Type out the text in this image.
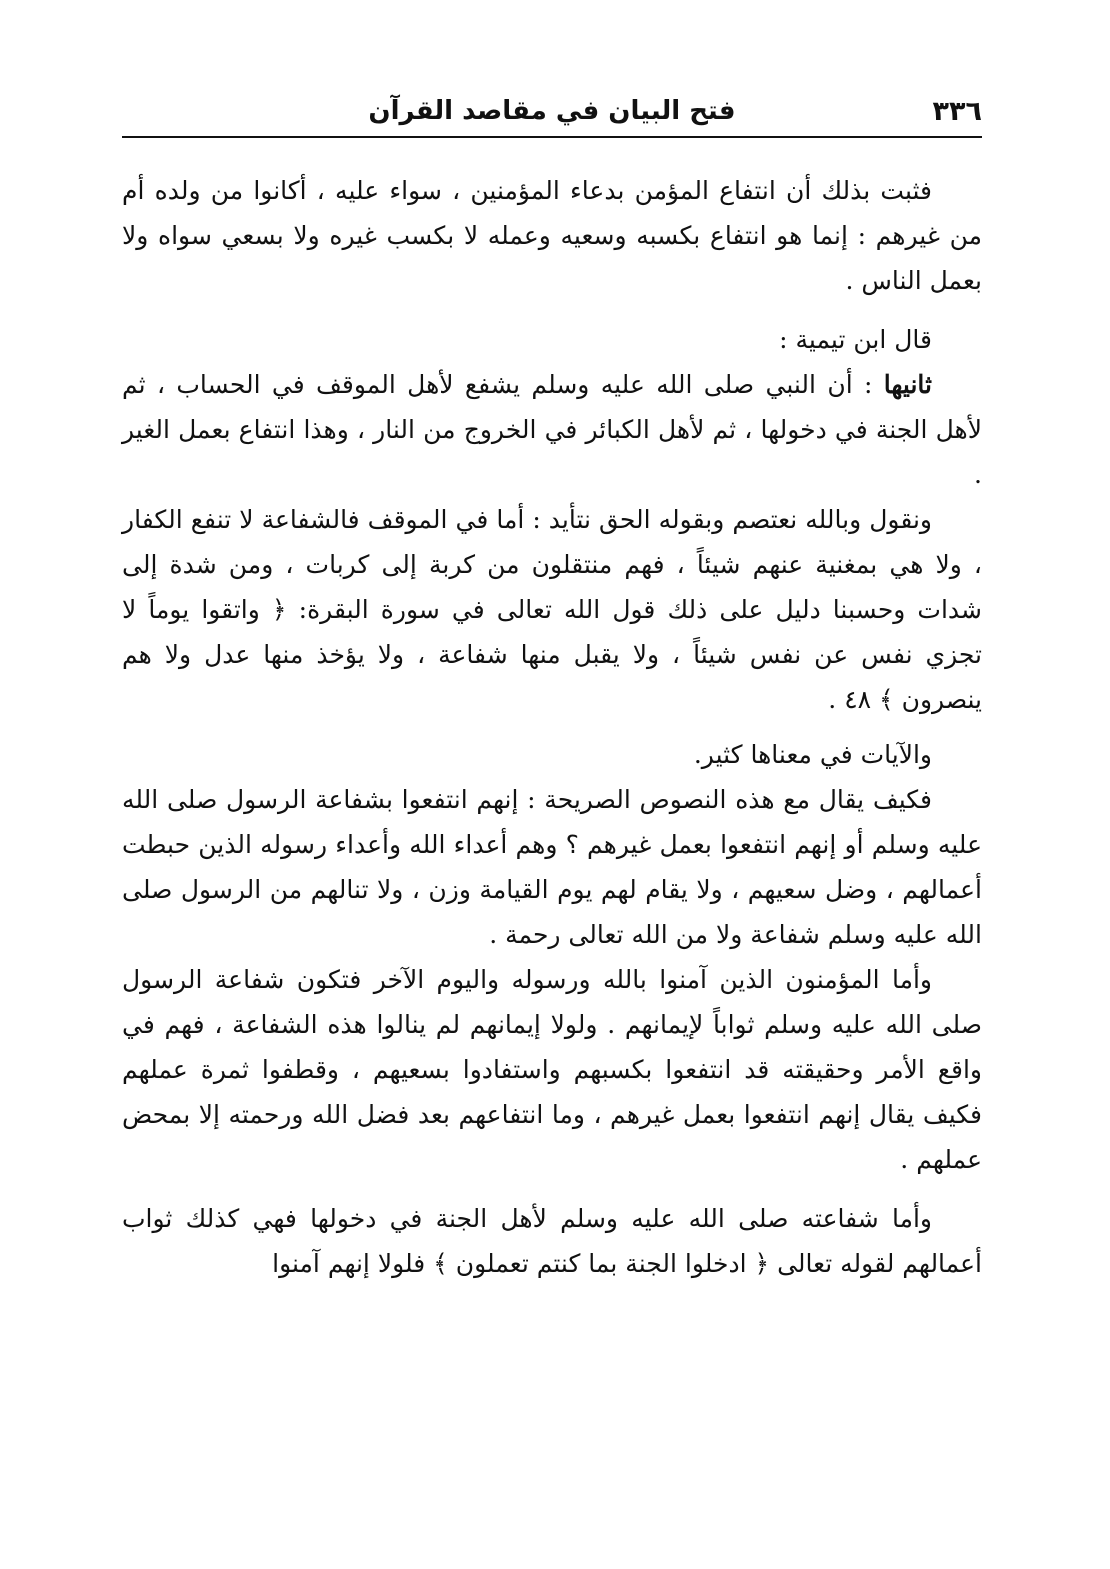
٣٣٦
فتح البيان في مقاصد القرآن

فثبت بذلك أن انتفاع المؤمن بدعاء المؤمنين ، سواء عليه ، أكانوا من ولده أم من غيرهم : إنما هو انتفاع بكسبه وسعيه وعمله لا بكسب غيره ولا بسعي سواه ولا بعمل الناس .

قال ابن تيمية :

ثانيها : أن النبي صلى الله عليه وسلم يشفع لأهل الموقف في الحساب ، ثم لأهل الجنة في دخولها ، ثم لأهل الكبائر في الخروج من النار ، وهذا انتفاع بعمل الغير .

ونقول وبالله نعتصم وبقوله الحق نتأيد : أما في الموقف فالشفاعة لا تنفع الكفار ، ولا هي بمغنية عنهم شيئاً ، فهم منتقلون من كربة إلى كربات ، ومن شدة إلى شدات وحسبنا دليل على ذلك قول الله تعالى في سورة البقرة: ﴿ واتقوا يوماً لا تجزي نفس عن نفس شيئاً ، ولا يقبل منها شفاعة ، ولا يؤخذ منها عدل ولا هم ينصرون ﴾ ٤٨ .

والآيات في معناها كثير.

فكيف يقال مع هذه النصوص الصريحة : إنهم انتفعوا بشفاعة الرسول صلى الله عليه وسلم أو إنهم انتفعوا بعمل غيرهم ؟ وهم أعداء الله وأعداء رسوله الذين حبطت أعمالهم ، وضل سعيهم ، ولا يقام لهم يوم القيامة وزن ، ولا تنالهم من الرسول صلى الله عليه وسلم شفاعة ولا من الله تعالى رحمة .

وأما المؤمنون الذين آمنوا بالله ورسوله واليوم الآخر فتكون شفاعة الرسول صلى الله عليه وسلم ثواباً لإيمانهم . ولولا إيمانهم لم ينالوا هذه الشفاعة ، فهم في واقع الأمر وحقيقته قد انتفعوا بكسبهم واستفادوا بسعيهم ، وقطفوا ثمرة عملهم فكيف يقال إنهم انتفعوا بعمل غيرهم ، وما انتفاعهم بعد فضل الله ورحمته إلا بمحض عملهم .

وأما شفاعته صلى الله عليه وسلم لأهل الجنة في دخولها فهي كذلك ثواب أعمالهم لقوله تعالى ﴿ ادخلوا الجنة بما كنتم تعملون ﴾ فلولا إنهم آمنوا
